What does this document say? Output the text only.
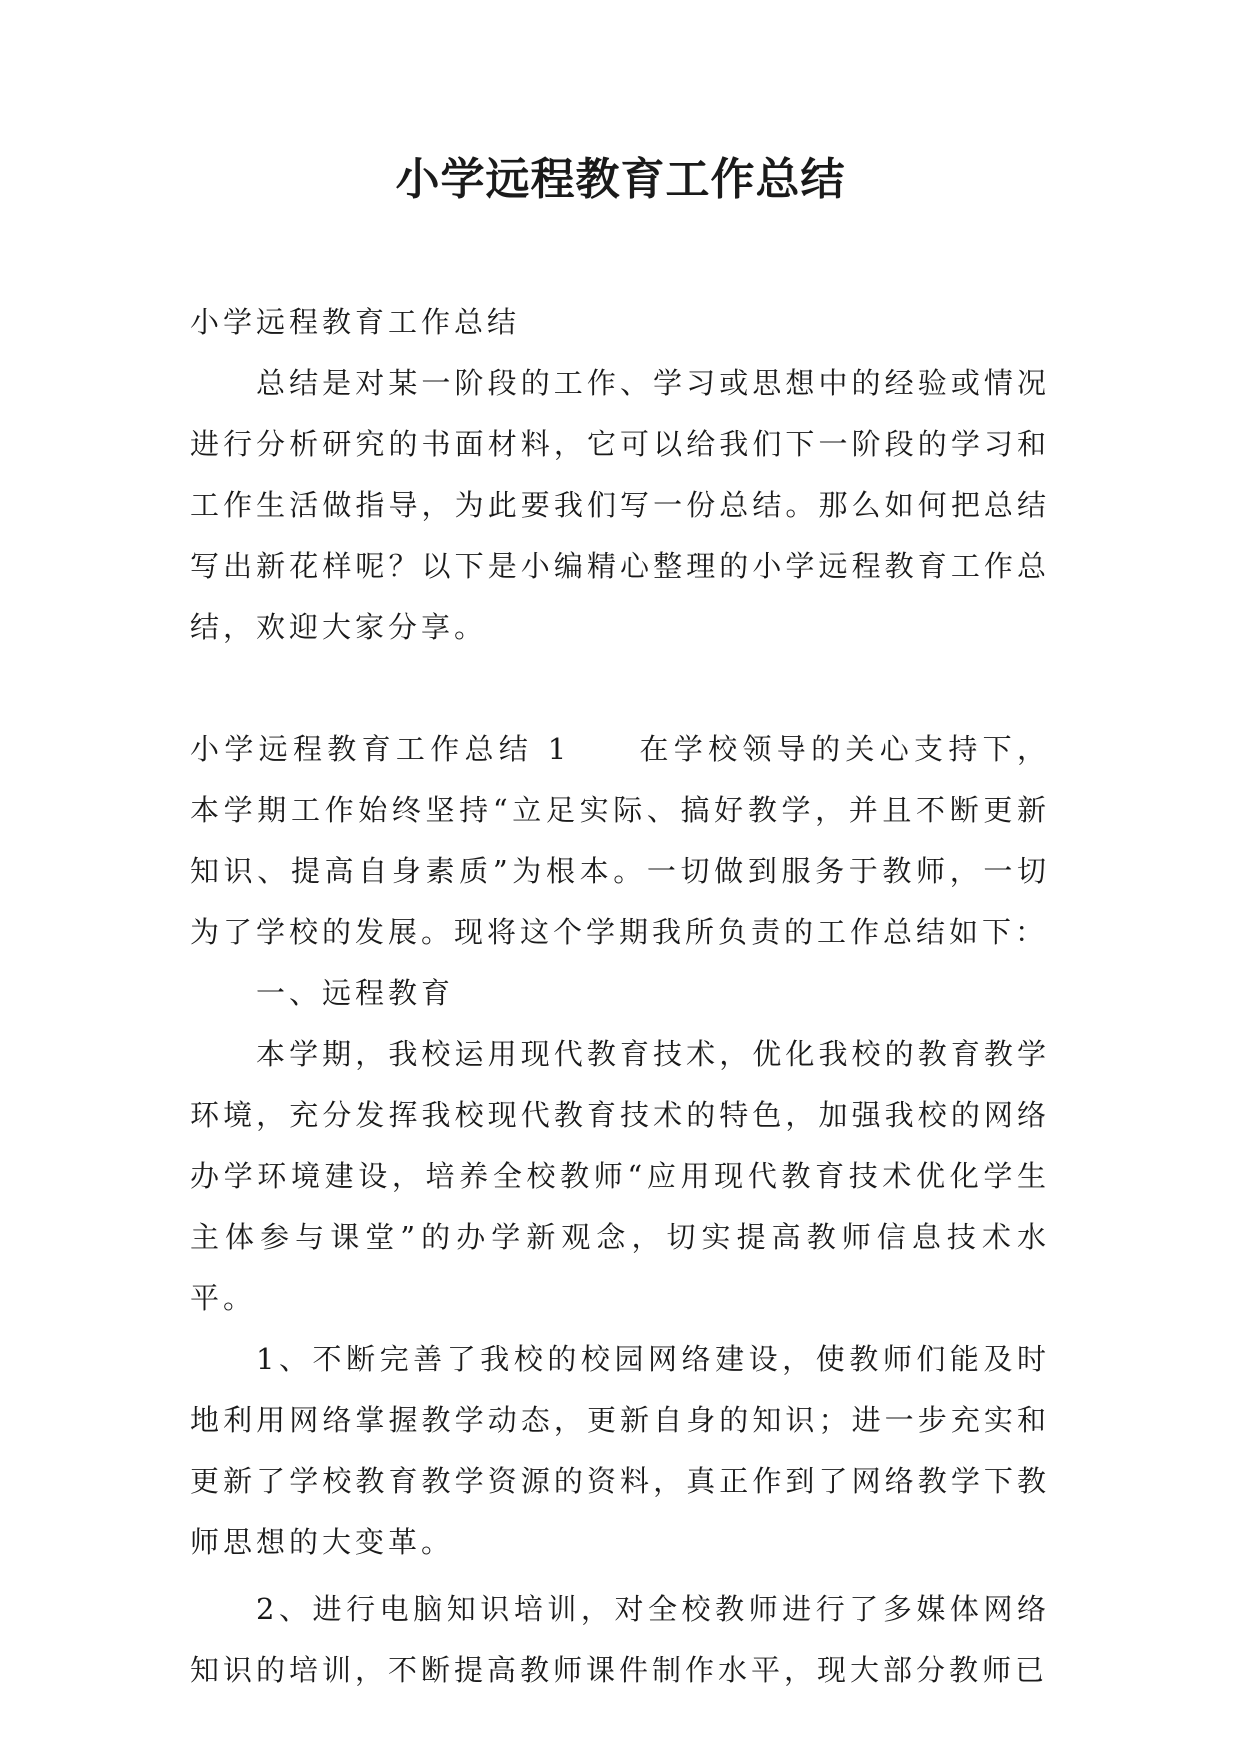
小学远程教育工作总结

小学远程教育工作总结

总结是对某一阶段的工作、学习或思想中的经验或情况进行分析研究的书面材料，它可以给我们下一阶段的学习和工作生活做指导，为此要我们写一份总结。那么如何把总结写出新花样呢？以下是小编精心整理的小学远程教育工作总结，欢迎大家分享。

小学远程教育工作总结 1 在学校领导的关心支持下，本学期工作始终坚持“立足实际、搞好教学，并且不断更新知识、提高自身素质”为根本。一切做到服务于教师，一切为了学校的发展。现将这个学期我所负责的工作总结如下：

一、远程教育

本学期，我校运用现代教育技术，优化我校的教育教学环境，充分发挥我校现代教育技术的特色，加强我校的网络办学环境建设，培养全校教师“应用现代教育技术优化学生主体参与课堂”的办学新观念，切实提高教师信息技术水平。

1、不断完善了我校的校园网络建设，使教师们能及时地利用网络掌握教学动态，更新自身的知识；进一步充实和更新了学校教育教学资源的资料，真正作到了网络教学下教师思想的大变革。

2、进行电脑知识培训，对全校教师进行了多媒体网络知识的培训，不断提高教师课件制作水平，现大部分教师已
